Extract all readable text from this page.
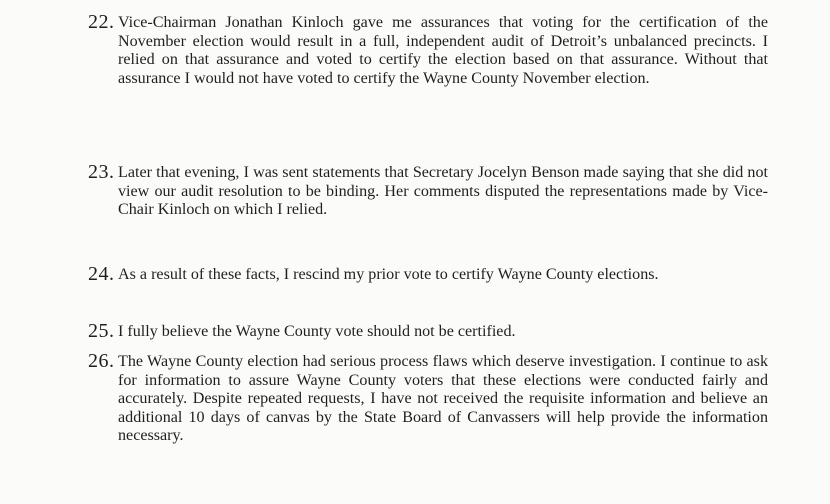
22. Vice-Chairman Jonathan Kinloch gave me assurances that voting for the certification of the November election would result in a full, independent audit of Detroit’s unbalanced precincts. I relied on that assurance and voted to certify the election based on that assurance. Without that assurance I would not have voted to certify the Wayne County November election.
23. Later that evening, I was sent statements that Secretary Jocelyn Benson made saying that she did not view our audit resolution to be binding. Her comments disputed the representations made by Vice-Chair Kinloch on which I relied.
24. As a result of these facts, I rescind my prior vote to certify Wayne County elections.
25. I fully believe the Wayne County vote should not be certified.
26. The Wayne County election had serious process flaws which deserve investigation. I continue to ask for information to assure Wayne County voters that these elections were conducted fairly and accurately. Despite repeated requests, I have not received the requisite information and believe an additional 10 days of canvas by the State Board of Canvassers will help provide the information necessary.
